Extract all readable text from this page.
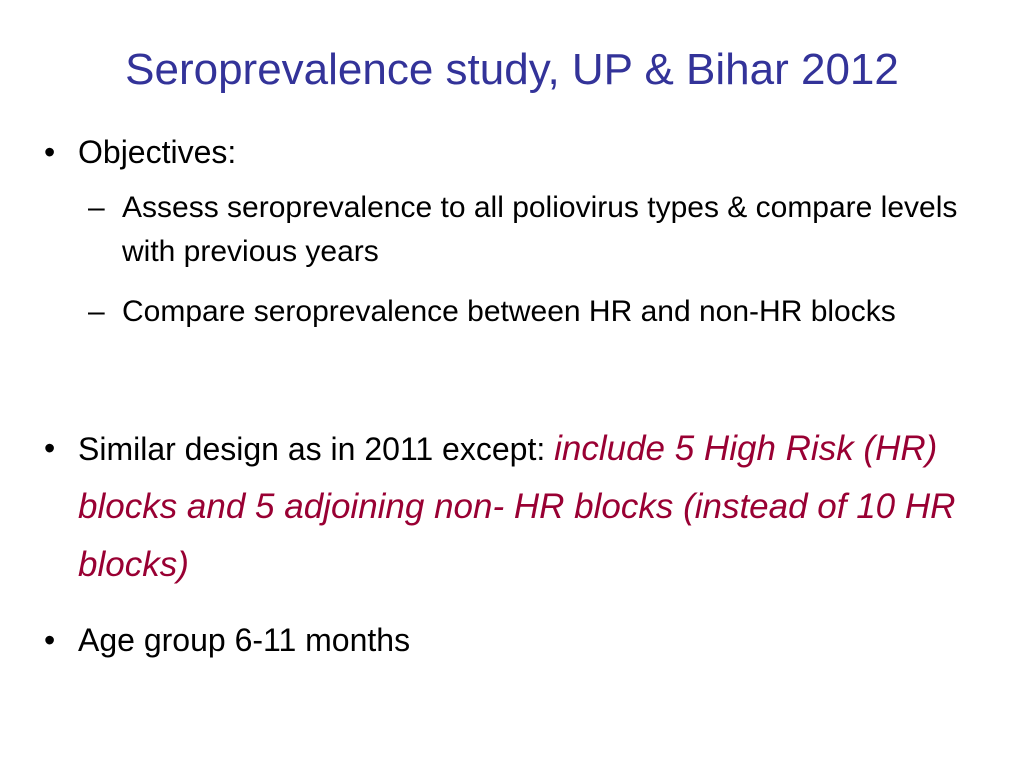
Seroprevalence study, UP & Bihar 2012
• Objectives:
– Assess seroprevalence to all poliovirus types & compare levels with previous years
– Compare seroprevalence between HR and non-HR blocks
• Similar design as in 2011 except: include 5 High Risk (HR) blocks and 5 adjoining non- HR blocks (instead of 10 HR blocks)
• Age group 6-11 months
